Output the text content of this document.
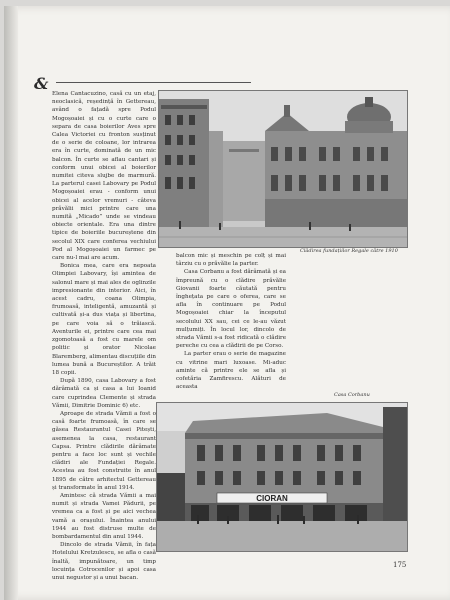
&

Elena Cantacuzino, casă cu un etaj, neoclasică, reședință în Gettereau, având o fațadă spre Podul Mogoșoaiei și cu o curte care o separa de casa boierilor Aves spre Calea Victoriei cu fronton susținut de o serie de coloane, lor intrarea era în curte, dominată de un mic balcon. În curte se aflau cantari și conform unui obicei al boierilor numitei citeva slujbe de marmură. La parterul casei Labovary pe Podul Mogoșoaiei erau - conform unui obicei al acelor vremuri - câteva prăvălii mici printre care una numită „Micado” unde se vindeau obiecte orientale. Era una dintre tipice de boieriile bucureștene din secolul XIX care conferea vechiului Pod al Mogoșoaiei un farmec pe care nu-l mai are acum.

Bonica mea, care era nepoata Olimpiei Labovary, își amintea de salonul mare și mai ales de oglinzile impresionante din interior. Aici, în acest cadru, coana Olimpia, frumoasă, inteligentă, amuzantă și cultivată și-a dus viața și libertina, pe care voia să o trăiască. Aventurile ei, printre care cea mai zgomotoasă a fost cu marele om politic și orator Nicolae Blaremberg, alimentau discuțiile din lumea bună a Bucureștilor. A trăit 18 copii.

După 1890, casa Labovary a fost dărâmată ca și casa a lui Ioanid care cuprindea Clemente și strada Vămii, Dimitrie Dominic 6) etc.

Aproape de strada Vămii a fost o casă foarte frumoasă, în care se găsea Restaurantul Casei Pitești, asemenea la casa, restaurant Capsa. Printre clădirile dărâmate pentru a face loc sunt și vechile clădiri ale Fundației Regale. Acestea au fost construite în anul 1895 de către arhitectul Gettereau și transformate în anul 1914.

Amintesc că strada Vămii a mai numit și strada Vamei Pădurii, pe vremea ca a fost și pe aici vechea vamă a orașului. Înaintea anului 1944 au fost distruse multe de bombardamentul din anul 1944.

Dincolo de strada Vămii, în fața Hotelului Kretzulescu, se afla o casă înaltă, impunătoare, un timp locuința Cotrocenilor și apoi casa unui negustor și a unui bacan.

Clădirea fundațiilor Regale către 1910

balcon mic și meschin pe colț și mai târziu cu o prăvălie la parter.

Casa Corbanu a fost dărâmată și ea împreună cu o clădire prăvălie Giovanii foarte căutată pentru înghețata pe care o oferea, care se afla în continuare pe Podul Mogoșoaiei chiar la începutul secolului XX sau, cei ce le-au văzut mulțumiți. În locul lor, dincolo de strada Vămii s-a fost ridicată o clădire pereche cu cea a clădirii de pe Corso.

La parter erau o serie de magazine cu vitrine mari luxoase. Mi-aduc aminte că printre ele se afla și cofetăria Zamfirescu. Alături de aceasta

Casa Corbanu
CIORAN
175
